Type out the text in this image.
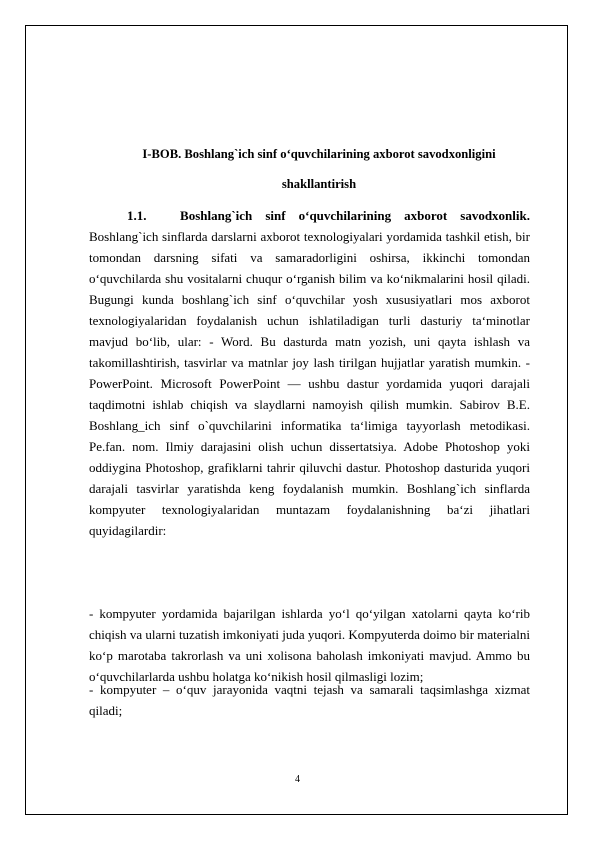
I-BOB. Boshlang`ich sinf oʻquvchilarining axborot savodxonligini
shakllantirish
1.1.	Boshlang`ich sinf oʻquvchilarining axborot savodxonlik. Boshlang`ich sinflarda darslarni axborot texnologiyalari yordamida tashkil etish, bir tomondan darsning sifati va samaradorligini oshirsa, ikkinchi tomondan oʻquvchilarda shu vositalarni chuqur oʻrganish bilim va koʻnikmalarini hosil qiladi. Bugungi kunda boshlang`ich sinf oʻquvchilar yosh xususiyatlari mos axborot texnologiyalaridan foydalanish uchun ishlatiladigan turli dasturiy ta‘minotlar mavjud boʻlib, ular: - Word. Bu dasturda matn yozish, uni qayta ishlash va takomillashtirish, tasvirlar va matnlar joy lash tirilgan hujjatlar yaratish mumkin. - PowerPoint. Microsoft PowerPoint — ushbu dastur yordamida yuqori darajali taqdimotni ishlab chiqish va slaydlarni namoyish qilish mumkin. Sabirov B.E. Boshlang_ich sinf o`quvchilarini informatika ta‘limiga tayyorlash metodikasi. Pe.fan. nom. Ilmiy darajasini olish uchun dissertatsiya. Adobe Photoshop yoki oddiygina Photoshop, grafiklarni tahrir qiluvchi dastur. Photoshop dasturida yuqori darajali tasvirlar yaratishda keng foydalanish mumkin. Boshlang`ich sinflarda kompyuter texnologiyalaridan muntazam foydalanishning ba‘zi jihatlari quyidagilardir:
- kompyuter yordamida bajarilgan ishlarda yoʻl qoʻyilgan xatolarni qayta koʻrib chiqish va ularni tuzatish imkoniyati juda yuqori. Kompyuterda doimo bir materialni koʻp marotaba takrorlash va uni xolisona baholash imkoniyati mavjud. Ammo bu oʻquvchilarlarda ushbu holatga koʻnikish hosil qilmasligi lozim;
- kompyuter – oʻquv jarayonida vaqtni tejash va samarali taqsimlashga xizmat qiladi;
4
